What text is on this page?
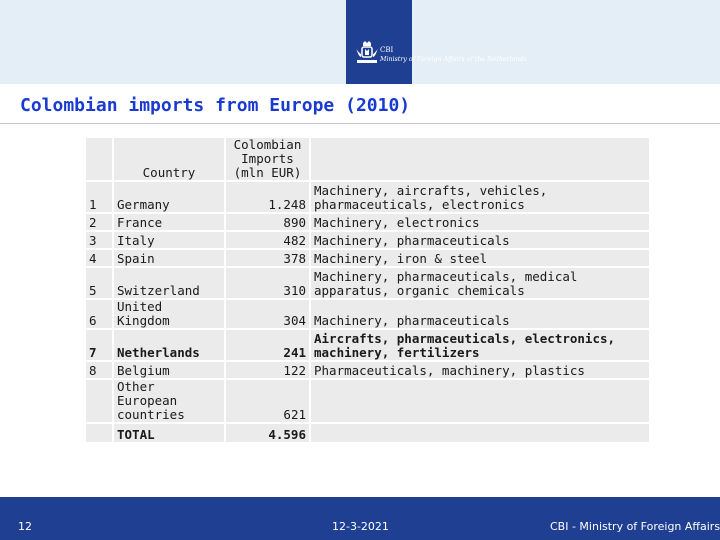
CBI
Ministry of Foreign Affairs of the Netherlands
Colombian imports from Europe (2010)
	Country	Colombian Imports (mln EUR)	
1	Germany	1.248	Machinery, aircrafts, vehicles, pharmaceuticals, electronics
2	France	890	Machinery, electronics
3	Italy	482	Machinery, pharmaceuticals
4	Spain	378	Machinery, iron & steel
5	Switzerland	310	Machinery, pharmaceuticals, medical apparatus, organic chemicals
6	United Kingdom	304	Machinery, pharmaceuticals
7	Netherlands	241	Aircrafts, pharmaceuticals, electronics, machinery, fertilizers
8	Belgium	122	Pharmaceuticals, machinery, plastics
	Other European countries	621	
	TOTAL	4.596	
12	12-3-2021	CBI - Ministry of Foreign Affairs
